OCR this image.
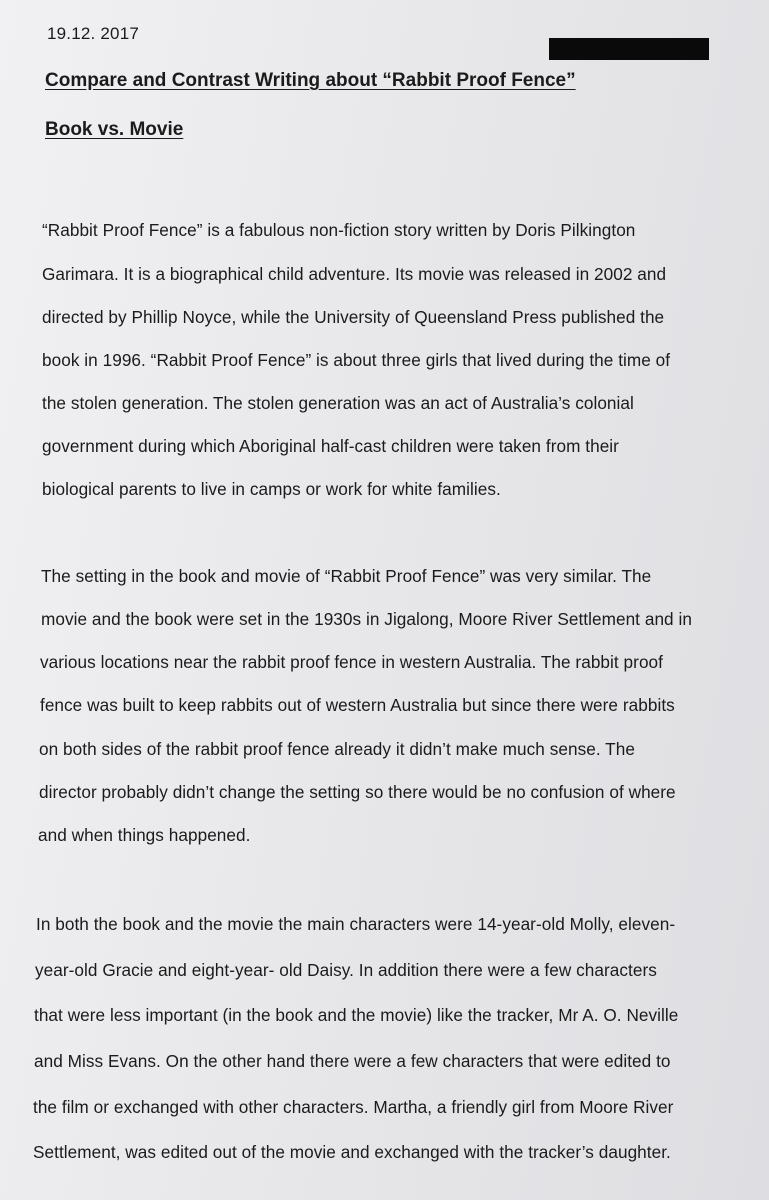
19.12. 2017
Compare and Contrast Writing about “Rabbit Proof Fence”
Book vs. Movie
“Rabbit Proof Fence” is a fabulous non-fiction story written by Doris Pilkington
Garimara. It is a biographical child adventure. Its movie was released in 2002 and
directed by Phillip Noyce, while the University of Queensland Press published the
book in 1996. “Rabbit Proof Fence” is about three girls that lived during the time of
the stolen generation. The stolen generation was an act of Australia’s colonial
government during which Aboriginal half-cast children were taken from their
biological parents to live in camps or work for white families.
The setting in the book and movie of “Rabbit Proof Fence” was very similar. The
movie and the book were set in the 1930s in Jigalong, Moore River Settlement and in
various locations near the rabbit proof fence in western Australia. The rabbit proof
fence was built to keep rabbits out of western Australia but since there were rabbits
on both sides of the rabbit proof fence already it didn’t make much sense. The
director probably didn’t change the setting so there would be no confusion of where
and when things happened.
In both the book and the movie the main characters were 14-year-old Molly, eleven-
year-old Gracie and eight-year- old Daisy. In addition there were a few characters
that were less important (in the book and the movie) like the tracker, Mr A. O. Neville
and Miss Evans. On the other hand there were a few characters that were edited to
the film or exchanged with other characters. Martha, a friendly girl from Moore River
Settlement, was edited out of the movie and exchanged with the tracker’s daughter.
